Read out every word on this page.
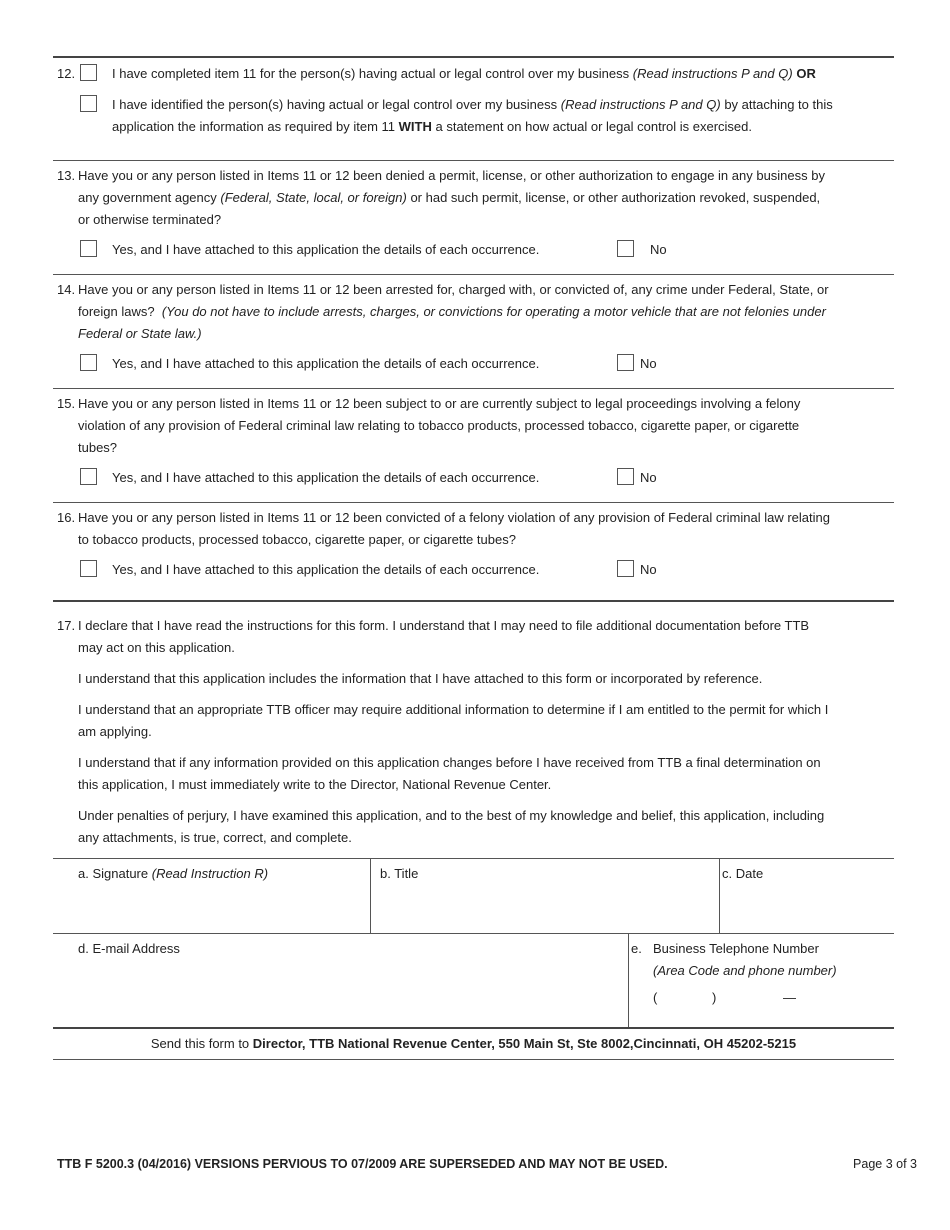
12.	I have completed item 11 for the person(s) having actual or legal control over my business (Read instructions P and Q) OR
I have identified the person(s) having actual or legal control over my business (Read instructions P and Q) by attaching to this
application the information as required by item 11 WITH a statement on how actual or legal control is exercised.
13. Have you or any person listed in Items 11 or 12 been denied a permit, license, or other authorization to engage in any business by
any government agency (Federal, State, local, or foreign) or had such permit, license, or other authorization revoked, suspended,
or otherwise terminated?
Yes, and I have attached to this application the details of each occurrence.	No
14. Have you or any person listed in Items 11 or 12 been arrested for, charged with, or convicted of, any crime under Federal, State, or
foreign laws? (You do not have to include arrests, charges, or convictions for operating a motor vehicle that are not felonies under
Federal or State law.)
Yes, and I have attached to this application the details of each occurrence.	No
15. Have you or any person listed in Items 11 or 12 been subject to or are currently subject to legal proceedings involving a felony
violation of any provision of Federal criminal law relating to tobacco products, processed tobacco, cigarette paper, or cigarette
tubes?
Yes, and I have attached to this application the details of each occurrence.	No
16. Have you or any person listed in Items 11 or 12 been convicted of a felony violation of any provision of Federal criminal law relating
to tobacco products, processed tobacco, cigarette paper, or cigarette tubes?
Yes, and I have attached to this application the details of each occurrence.	No
17. I declare that I have read the instructions for this form. I understand that I may need to file additional documentation before TTB
may act on this application.
I understand that this application includes the information that I have attached to this form or incorporated by reference.
I understand that an appropriate TTB officer may require additional information to determine if I am entitled to the permit for which I
am applying.
I understand that if any information provided on this application changes before I have received from TTB a final determination on
this application, I must immediately write to the Director, National Revenue Center.
Under penalties of perjury, I have examined this application, and to the best of my knowledge and belief, this application, including
any attachments, is true, correct, and complete.
a. Signature (Read Instruction R)	b. Title	c. Date
d. E-mail Address	e. Business Telephone Number
(Area Code and phone number)
(	)	—
Send this form to Director, TTB National Revenue Center, 550 Main St, Ste 8002,Cincinnati, OH 45202-5215
TTB F 5200.3 (04/2016) VERSIONS PERVIOUS TO 07/2009 ARE SUPERSEDED AND MAY NOT BE USED.	Page 3 of 3
